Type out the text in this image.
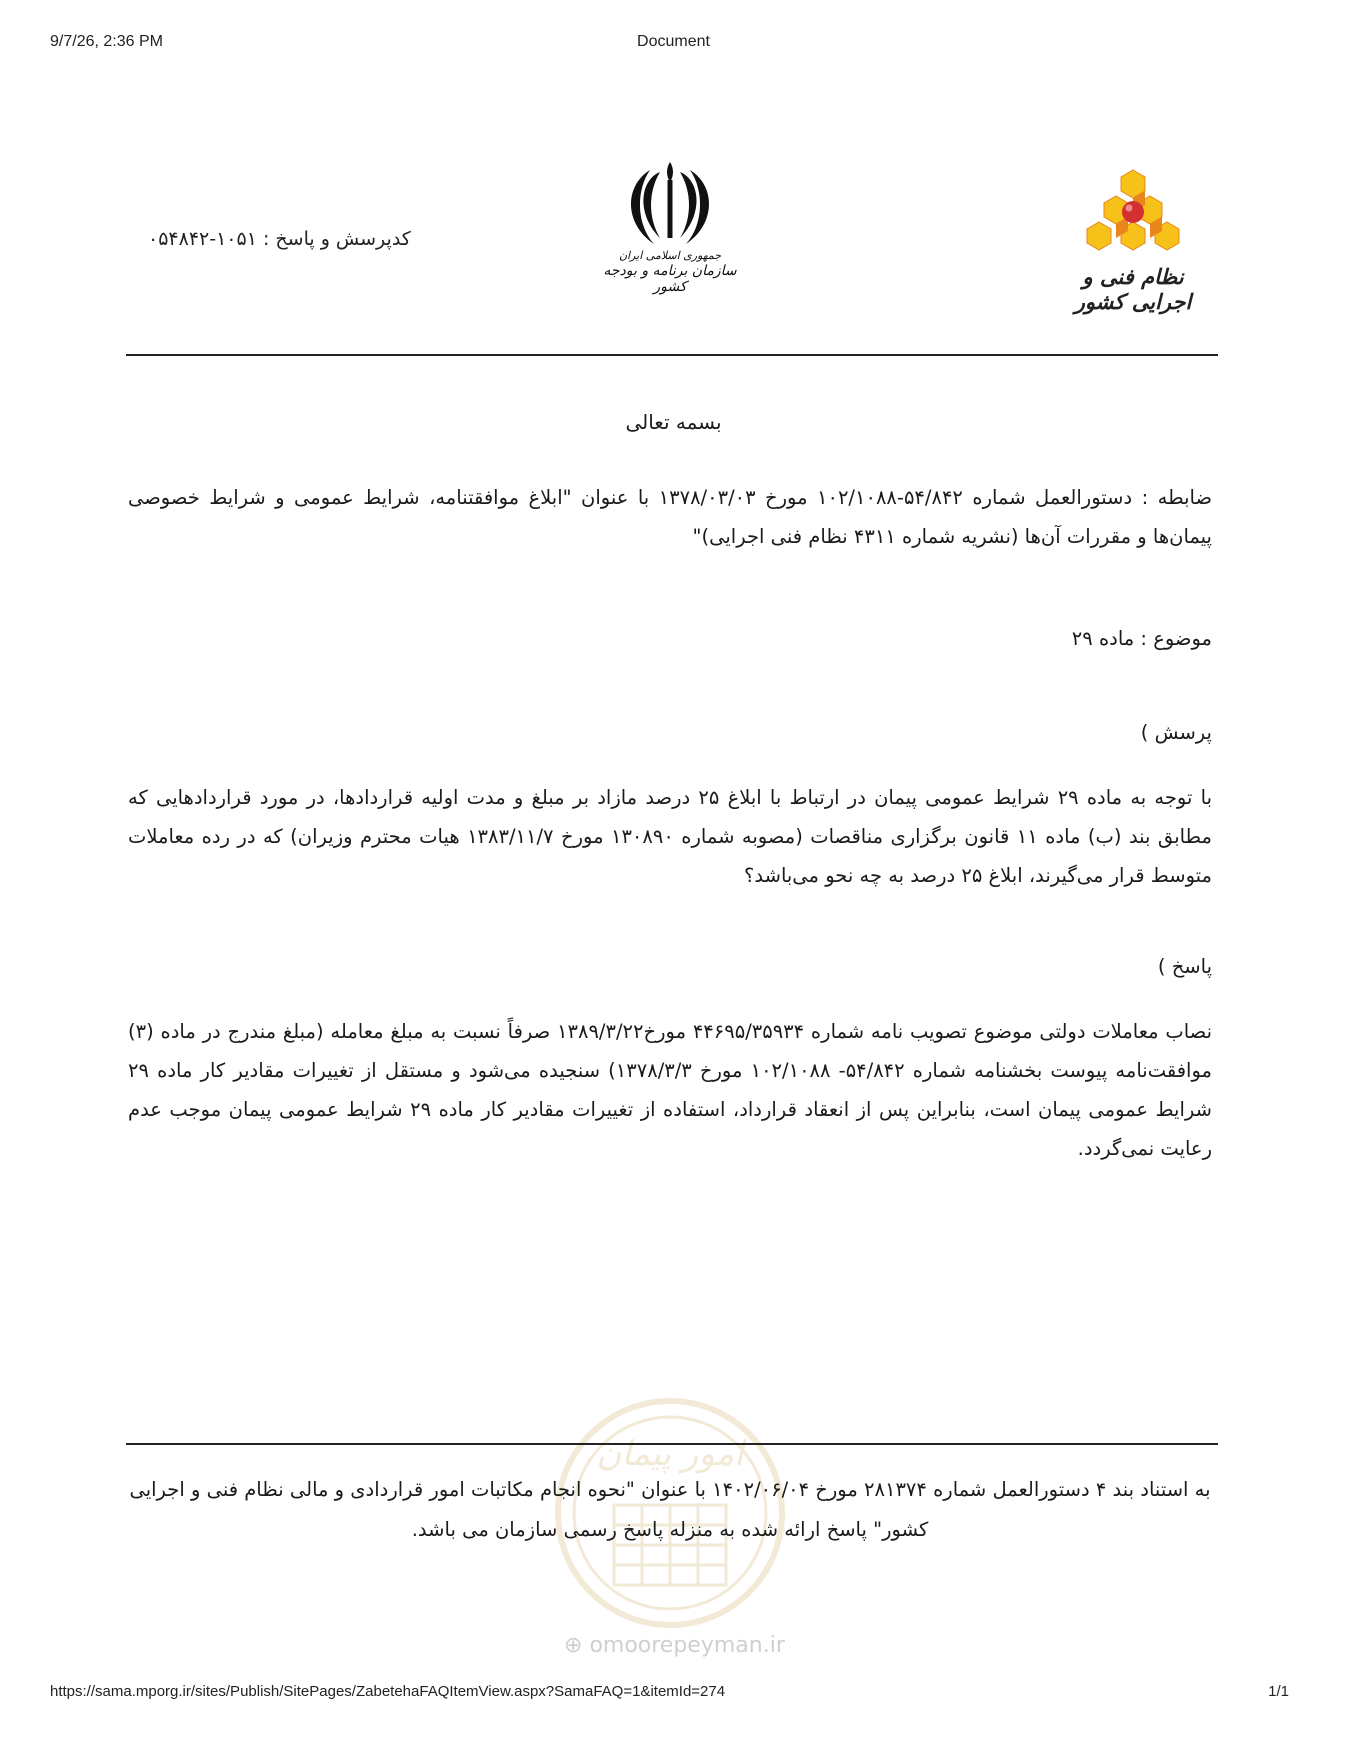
9/7/26, 2:36 PM	Document
نظام فنی و اجرایی کشور
جمهوری اسلامی ایران
سازمان برنامه و بودجه کشور
کدپرسش و پاسخ : ۱۰۵۱-۰۵۴۸۴۲
بسمه تعالی
ضابطه : دستورالعمل شماره ۵۴/۸۴۲-۱۰۲/۱۰۸۸ مورخ ۱۳۷۸/۰۳/۰۳ با عنوان "ابلاغ موافقتنامه، شرایط عمومی و شرایط خصوصی پیمان‌ها و مقررات آن‌ها (نشریه شماره ۴۳۱۱ نظام فنی اجرایی)"
موضوع : ماده ۲۹
پرسش )
با توجه به ماده ۲۹ شرایط عمومی پیمان در ارتباط با ابلاغ ۲۵ درصد مازاد بر مبلغ و مدت اولیه قراردادها، در مورد قراردادهایی که مطابق بند (ب) ماده ۱۱ قانون برگزاری مناقصات (مصوبه شماره ۱۳۰۸۹۰ مورخ ۱۳۸۳/۱۱/۷ هیات محترم وزیران) که در رده معاملات متوسط قرار می‌گیرند، ابلاغ ۲۵ درصد به چه نحو می‌باشد؟
پاسخ )
نصاب معاملات دولتی موضوع تصویب نامه شماره ۴۴۶۹۵/۳۵۹۳۴ مورخ۱۳۸۹/۳/۲۲ صرفاً نسبت به مبلغ معامله (مبلغ مندرج در ماده (۳) موافقت‌نامه پیوست بخشنامه شماره ۵۴/۸۴۲- ۱۰۲/۱۰۸۸ مورخ ۱۳۷۸/۳/۳) سنجیده می‌شود و مستقل از تغییرات مقادیر کار ماده ۲۹ شرایط عمومی پیمان است، بنابراین پس از انعقاد قرارداد، استفاده از تغییرات مقادیر کار ماده ۲۹ شرایط عمومی پیمان موجب عدم رعایت نمی‌گردد.
امور پیمان
به استناد بند ۴ دستورالعمل شماره ۲۸۱۳۷۴ مورخ ۱۴۰۲/۰۶/۰۴ با عنوان "نحوه انجام مکاتبات امور قراردادی و مالی نظام فنی و اجرایی
کشور" پاسخ ارائه شده به منزله پاسخ رسمی سازمان می باشد.
⊕ omoorepeyman.ir
https://sama.mporg.ir/sites/Publish/SitePages/ZabetehaFAQItemView.aspx?SamaFAQ=1&itemId=274	1/1
